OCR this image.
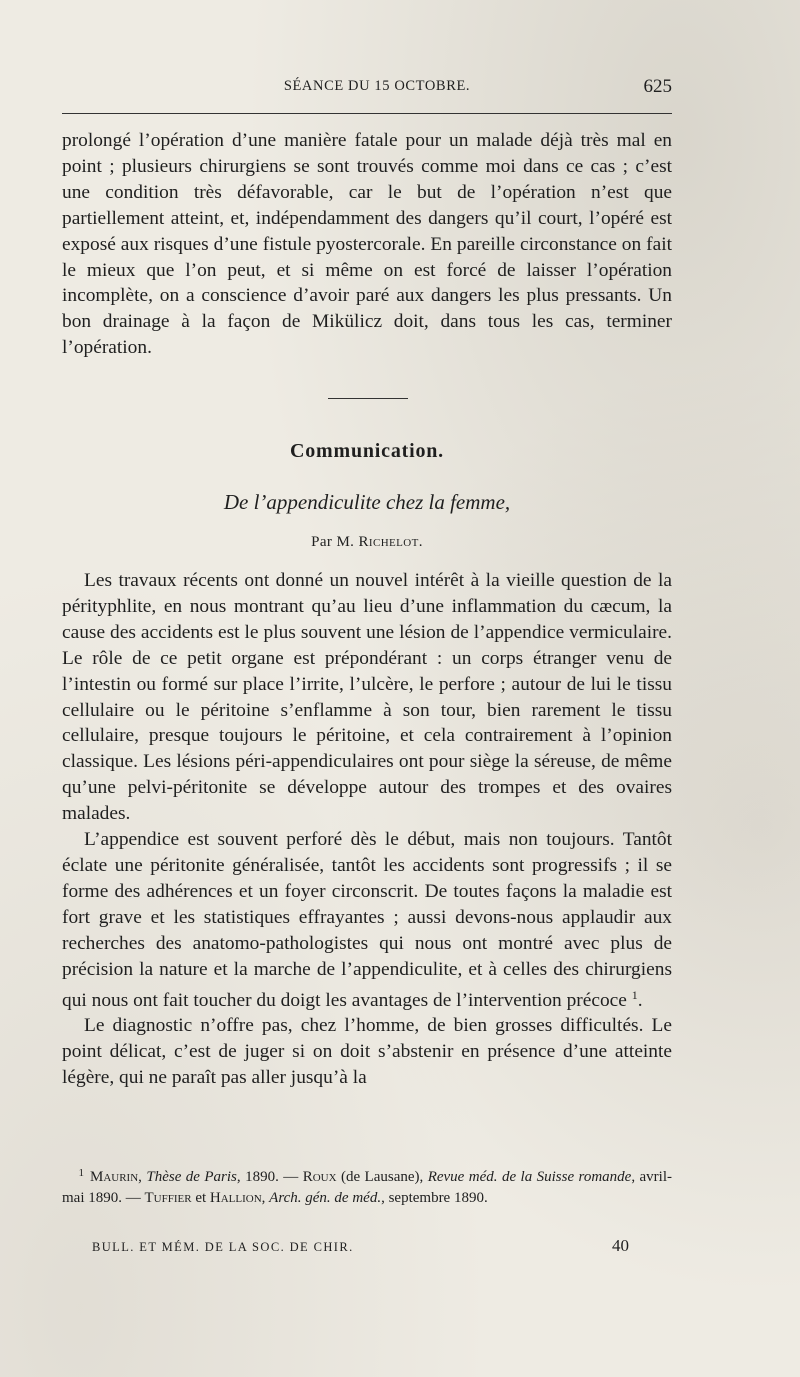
SÉANCE DU 15 OCTOBRE.	625

prolongé l’opération d’une manière fatale pour un malade déjà très mal en point ; plusieurs chirurgiens se sont trouvés comme moi dans ce cas ; c’est une condition très défavorable, car le but de l’opération n’est que partiellement atteint, et, indépendamment des dangers qu’il court, l’opéré est exposé aux risques d’une fistule pyostercorale. En pareille circonstance on fait le mieux que l’on peut, et si même on est forcé de laisser l’opération incomplète, on a conscience d’avoir paré aux dangers les plus pressants. Un bon drainage à la façon de Mikülicz doit, dans tous les cas, terminer l’opération.

Communication.
De l’appendiculite chez la femme,
Par M. Richelot.

Les travaux récents ont donné un nouvel intérêt à la vieille question de la pérityphlite, en nous montrant qu’au lieu d’une inflammation du cæcum, la cause des accidents est le plus souvent une lésion de l’appendice vermiculaire. Le rôle de ce petit organe est prépondérant : un corps étranger venu de l’intestin ou formé sur place l’irrite, l’ulcère, le perfore ; autour de lui le tissu cellulaire ou le péritoine s’enflamme à son tour, bien rarement le tissu cellulaire, presque toujours le péritoine, et cela contrairement à l’opinion classique. Les lésions péri-appendiculaires ont pour siège la séreuse, de même qu’une pelvi-péritonite se développe autour des trompes et des ovaires malades.

L’appendice est souvent perforé dès le début, mais non toujours. Tantôt éclate une péritonite généralisée, tantôt les accidents sont progressifs ; il se forme des adhérences et un foyer circonscrit. De toutes façons la maladie est fort grave et les statistiques effrayantes ; aussi devons-nous applaudir aux recherches des anatomo-pathologistes qui nous ont montré avec plus de précision la nature et la marche de l’appendiculite, et à celles des chirurgiens qui nous ont fait toucher du doigt les avantages de l’intervention précoce $^1$.

Le diagnostic n’offre pas, chez l’homme, de bien grosses difficultés. Le point délicat, c’est de juger si on doit s’abstenir en présence d’une atteinte légère, qui ne paraît pas aller jusqu’à la

1 Maurin, Thèse de Paris, 1890. — Roux (de Lausane), Revue méd. de la Suisse romande, avril-mai 1890. — Tuffier et Hallion, Arch. gén. de méd., septembre 1890.
BULL. ET MÉM. DE LA SOC. DE CHIR.	40
